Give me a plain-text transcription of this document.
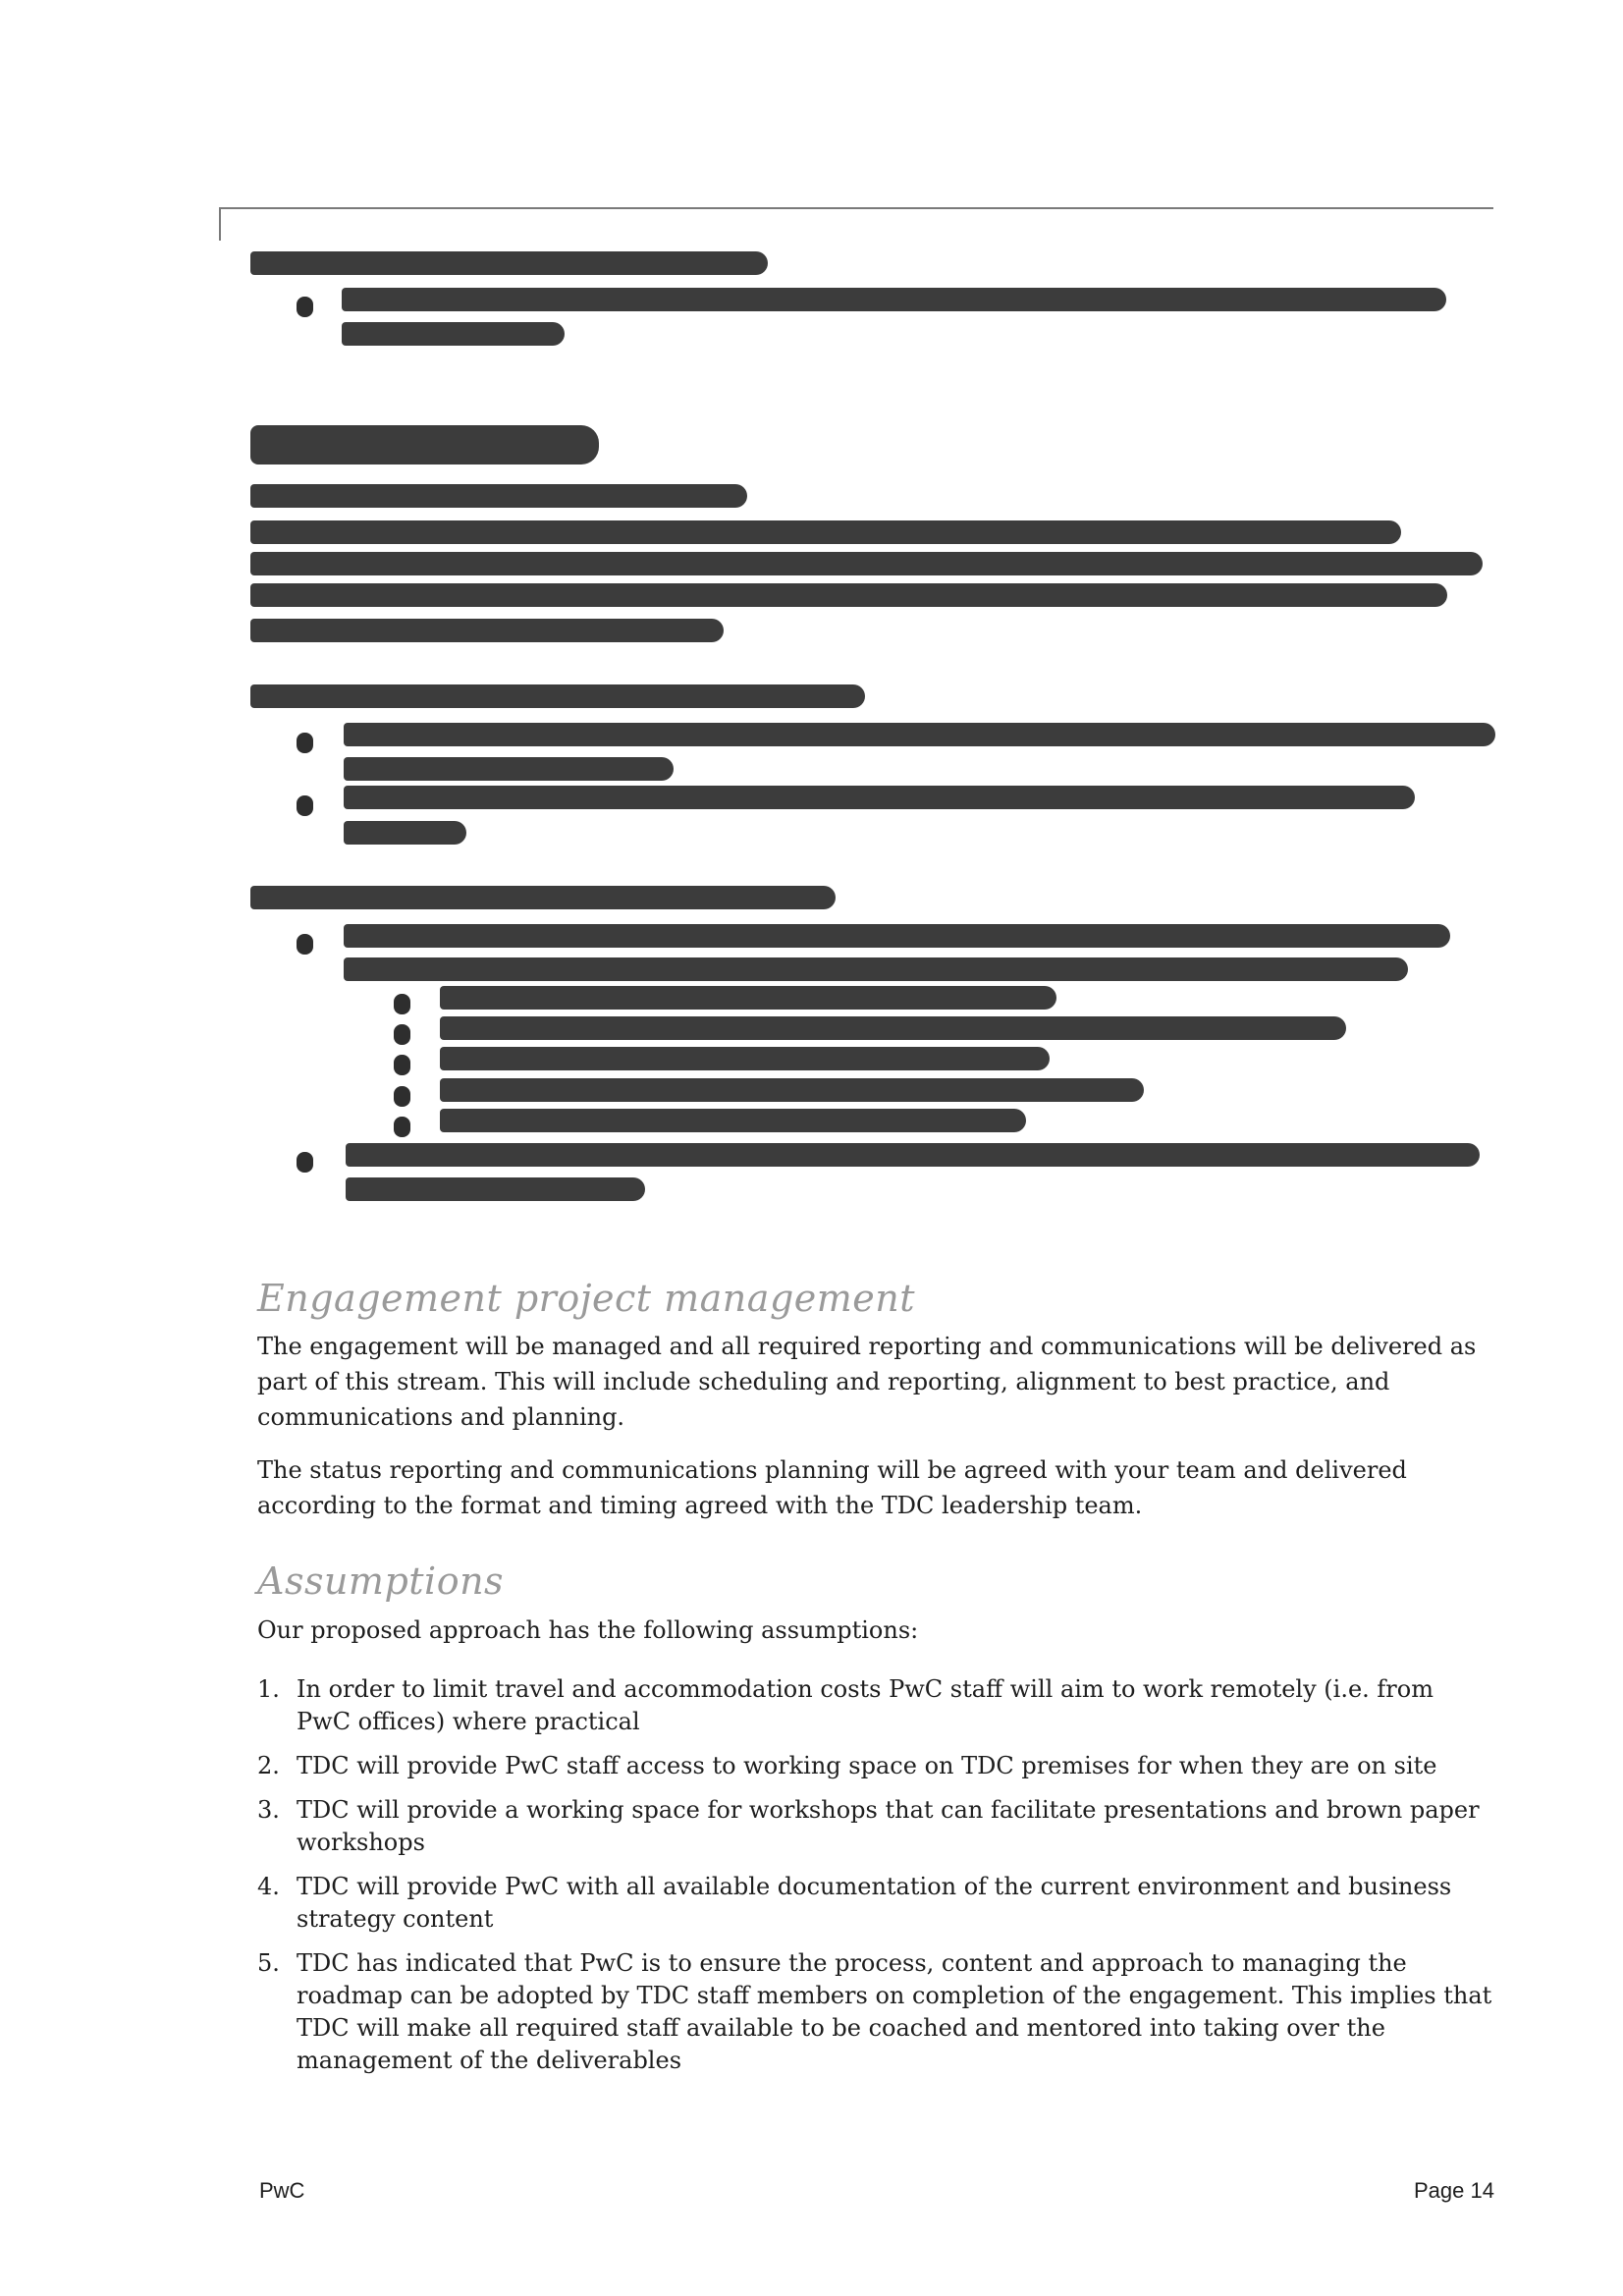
Engagement project management

The engagement will be managed and all required reporting and communications will be delivered as part of this stream. This will include scheduling and reporting, alignment to best practice, and communications and planning.

The status reporting and communications planning will be agreed with your team and delivered according to the format and timing agreed with the TDC leadership team.

Assumptions

Our proposed approach has the following assumptions:

1. In order to limit travel and accommodation costs PwC staff will aim to work remotely (i.e. from PwC offices) where practical
2. TDC will provide PwC staff access to working space on TDC premises for when they are on site
3. TDC will provide a working space for workshops that can facilitate presentations and brown paper workshops
4. TDC will provide PwC with all available documentation of the current environment and business strategy content
5. TDC has indicated that PwC is to ensure the process, content and approach to managing the roadmap can be adopted by TDC staff members on completion of the engagement. This implies that TDC will make all required staff available to be coached and mentored into taking over the management of the deliverables
PwC	Page 14
